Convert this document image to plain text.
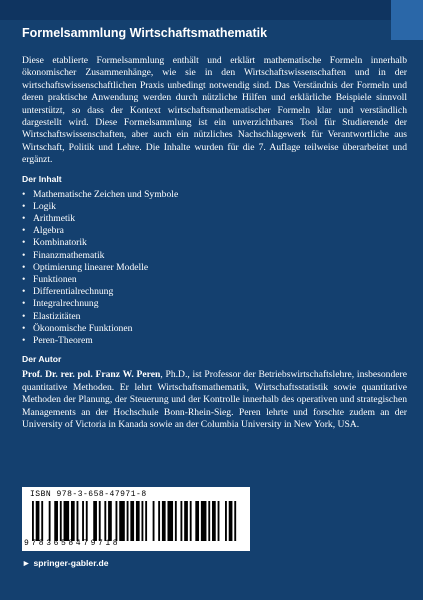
Formelsammlung Wirtschaftsmathematik

Diese etablierte Formelsammlung enthält und erklärt mathematische Formeln innerhalb ökonomischer Zusammenhänge, wie sie in den Wirtschaftswissenschaften und in der wirtschaftswissenschaftlichen Praxis unbedingt notwendig sind. Das Verständnis der Formeln und deren praktische Anwendung werden durch nützliche Hilfen und erklärliche Beispiele sinnvoll unterstützt, so dass der Kontext wirtschaftsmathematischer Formeln klar und verständlich dargestellt wird. Diese Formelsammlung ist ein unverzichtbares Tool für Studierende der Wirtschaftswissenschaften, aber auch ein nützliches Nachschlagewerk für Verantwortliche aus Wirtschaft, Politik und Lehre. Die Inhalte wurden für die 7. Auflage teilweise überarbeitet und ergänzt.

Der Inhalt
• Mathematische Zeichen und Symbole
• Logik
• Arithmetik
• Algebra
• Kombinatorik
• Finanzmathematik
• Optimierung linearer Modelle
• Funktionen
• Differentialrechnung
• Integralrechnung
• Elastizitäten
• Ökonomische Funktionen
• Peren-Theorem
Der Autor

Prof. Dr. rer. pol. Franz W. Peren, Ph.D., ist Professor der Betriebswirtschaftslehre, insbesondere quantitative Methoden. Er lehrt Wirtschaftsmathematik, Wirtschaftsstatistik sowie quantitative Methoden der Planung, der Steuerung und der Kontrolle innerhalb des operativen und strategischen Managements an der Hochschule Bonn-Rhein-Sieg. Peren lehrte und forschte zudem an der University of Victoria in Kanada sowie an der Columbia University in New York, USA.

ISBN 978-3-658-47971-8
9783658479718
► springer-gabler.de
